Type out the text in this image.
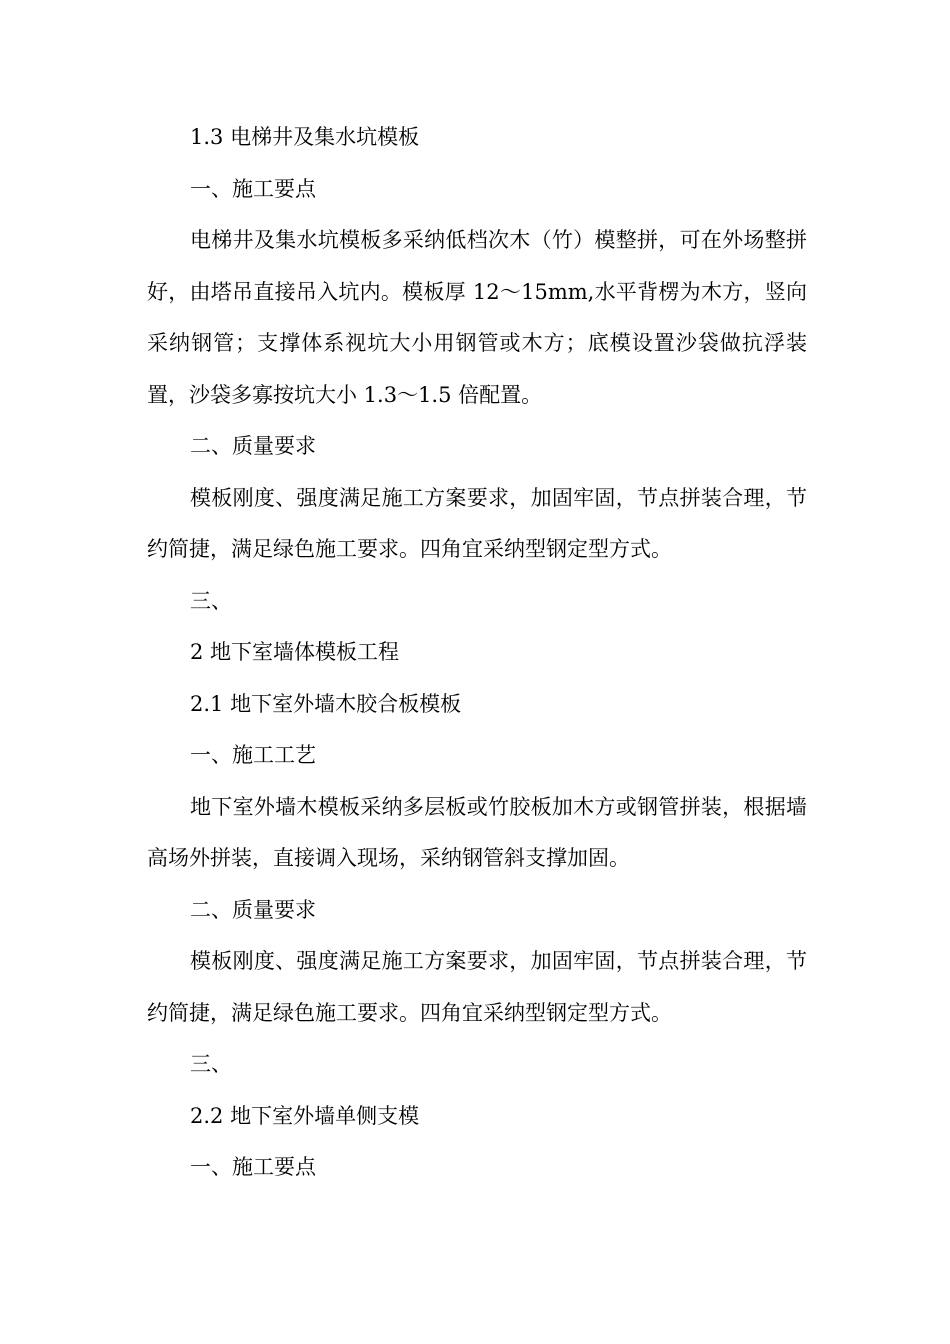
1.3 电梯井及集水坑模板

一、施工要点

电梯井及集水坑模板多采纳低档次木（竹）模整拼，可在外场整拼好，由塔吊直接吊入坑内。模板厚 12～15mm,水平背楞为木方，竖向采纳钢管；支撑体系视坑大小用钢管或木方；底模设置沙袋做抗浮装置，沙袋多寡按坑大小 1.3～1.5 倍配置。

二、质量要求

模板刚度、强度满足施工方案要求，加固牢固，节点拼装合理，节约简捷，满足绿色施工要求。四角宜采纳型钢定型方式。

三、

2 地下室墙体模板工程

2.1 地下室外墙木胶合板模板

一、施工工艺

地下室外墙木模板采纳多层板或竹胶板加木方或钢管拼装，根据墙高场外拼装，直接调入现场，采纳钢管斜支撑加固。

二、质量要求

模板刚度、强度满足施工方案要求，加固牢固，节点拼装合理，节约简捷，满足绿色施工要求。四角宜采纳型钢定型方式。

三、

2.2 地下室外墙单侧支模

一、施工要点
